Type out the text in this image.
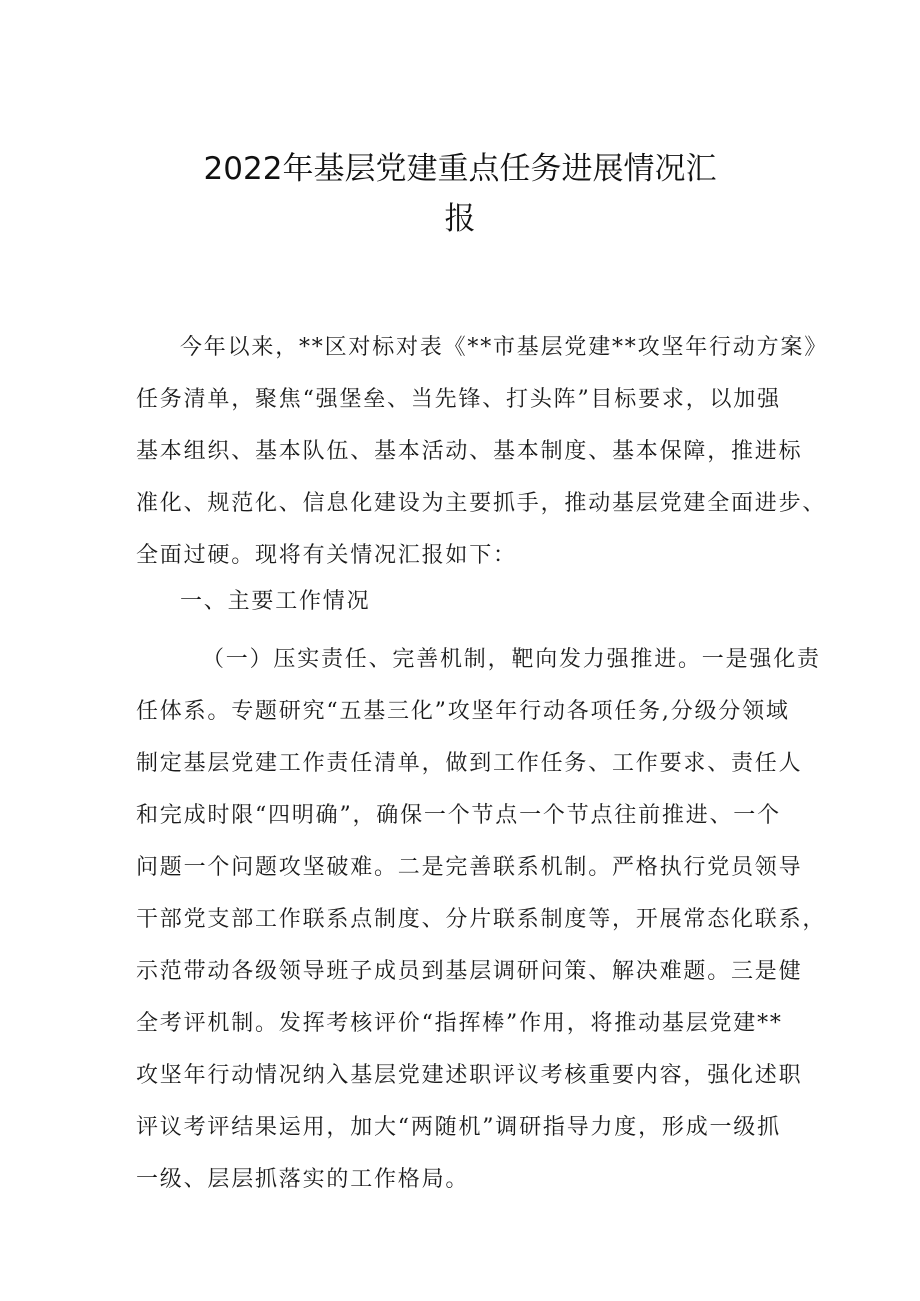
2022年基层党建重点任务进展情况汇
报
今年以来，**区对标对表《**市基层党建**攻坚年行动方案》
任务清单，聚焦“强堡垒、当先锋、打头阵”目标要求，以加强
基本组织、基本队伍、基本活动、基本制度、基本保障，推进标
准化、规范化、信息化建设为主要抓手，推动基层党建全面进步、
全面过硬。现将有关情况汇报如下：
一、主要工作情况
（一）压实责任、完善机制，靶向发力强推进。一是强化责
任体系。专题研究“五基三化”攻坚年行动各项任务,分级分领域
制定基层党建工作责任清单，做到工作任务、工作要求、责任人
和完成时限“四明确”，确保一个节点一个节点往前推进、一个
问题一个问题攻坚破难。二是完善联系机制。严格执行党员领导
干部党支部工作联系点制度、分片联系制度等，开展常态化联系，
示范带动各级领导班子成员到基层调研问策、解决难题。三是健
全考评机制。发挥考核评价“指挥棒”作用，将推动基层党建**
攻坚年行动情况纳入基层党建述职评议考核重要内容，强化述职
评议考评结果运用，加大“两随机”调研指导力度，形成一级抓
一级、层层抓落实的工作格局。
